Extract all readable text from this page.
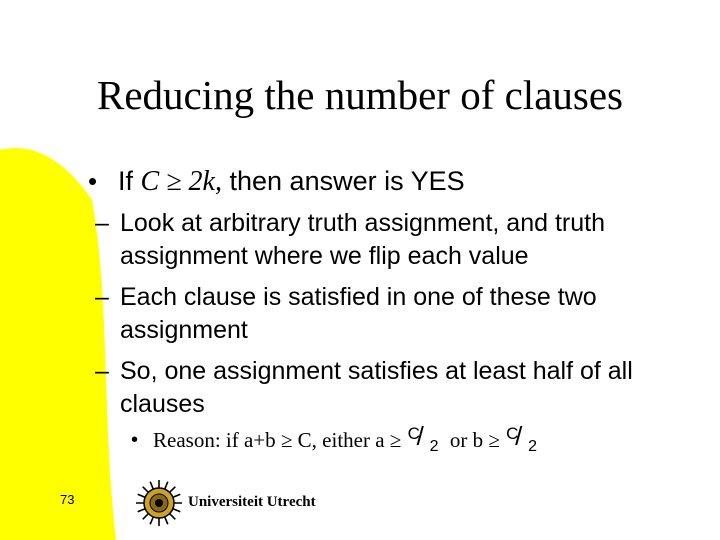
Reducing the number of clauses
• If C ≥ 2k, then answer is YES
– Look at arbitrary truth assignment, and truth assignment where we flip each value
– Each clause is satisfied in one of these two assignment
– So, one assignment satisfies at least half of all clauses
• Reason: if a+b ≥ C, either a ≥ C
/ 2 or b ≥ C
/ 2
73	Universiteit Utrecht
